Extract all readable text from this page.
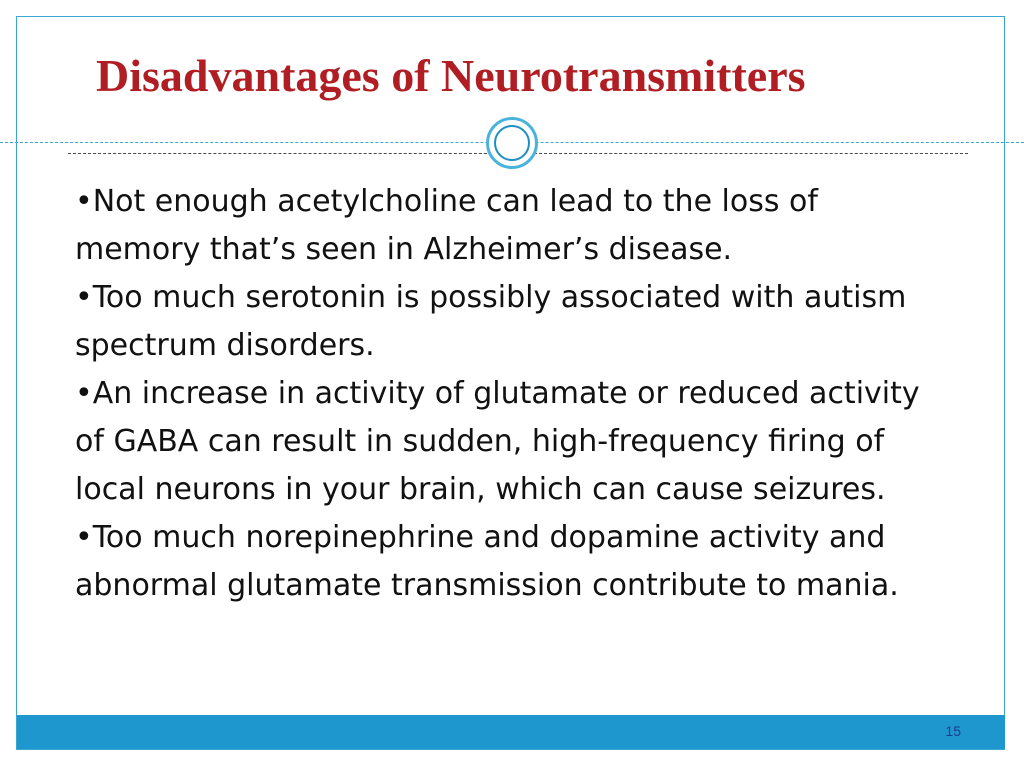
Disadvantages of Neurotransmitters

•Not enough acetylcholine can lead to the loss of

memory that’s seen in Alzheimer’s disease.

•Too much serotonin is possibly associated with autism

spectrum disorders.

•An increase in activity of glutamate or reduced activity

of GABA can result in sudden, high-frequency firing of

local neurons in your brain, which can cause seizures.

•Too much norepinephrine and dopamine activity and

abnormal glutamate transmission contribute to mania.

15
